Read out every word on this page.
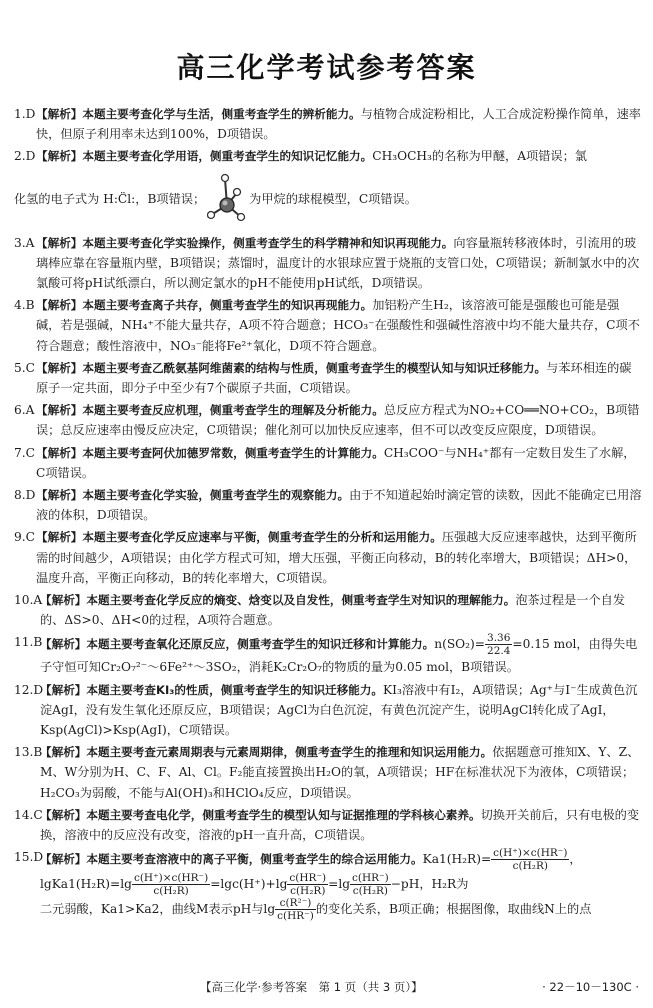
高三化学考试参考答案
1.D 【解析】本题主要考查化学与生活，侧重考查学生的辨析能力。与植物合成淀粉相比，人工合成淀粉操作简单，速率快，但原子利用率未达到100%，D项错误。
2.D 【解析】本题主要考查化学用语，侧重考查学生的知识记忆能力。CH₃OCH₃的名称为甲醚，A项错误；氯
化氢的电子式为 H:C̈l:，B项错误；	为甲烷的球棍模型，C项错误。
3.A 【解析】本题主要考查化学实验操作，侧重考查学生的科学精神和知识再现能力。向容量瓶转移液体时，引流用的玻璃棒应靠在容量瓶内壁，B项错误；蒸馏时，温度计的水银球应置于烧瓶的支管口处，C项错误；新制氯水中的次氯酸可将pH试纸漂白，所以测定氯水的pH不能使用pH试纸，D项错误。
4.B 【解析】本题主要考查离子共存，侧重考查学生的知识再现能力。加铝粉产生H₂，该溶液可能是强酸也可能是强碱，若是强碱，NH₄⁺不能大量共存，A项不符合题意；HCO₃⁻在强酸性和强碱性溶液中均不能大量共存，C项不符合题意；酸性溶液中，NO₃⁻能将Fe²⁺氧化，D项不符合题意。
5.C 【解析】本题主要考查乙酰氨基阿维菌素的结构与性质，侧重考查学生的模型认知与知识迁移能力。与苯环相连的碳原子一定共面，即分子中至少有7个碳原子共面，C项错误。
6.A 【解析】本题主要考查反应机理，侧重考查学生的理解及分析能力。总反应方程式为NO₂+CO══NO+CO₂，B项错误；总反应速率由慢反应决定，C项错误；催化剂可以加快反应速率，但不可以改变反应限度，D项错误。
7.C 【解析】本题主要考查阿伏加德罗常数，侧重考查学生的计算能力。CH₃COO⁻与NH₄⁺都有一定数目发生了水解，C项错误。
8.D 【解析】本题主要考查化学实验，侧重考查学生的观察能力。由于不知道起始时滴定管的读数，因此不能确定已用溶液的体积，D项错误。
9.C 【解析】本题主要考查化学反应速率与平衡，侧重考查学生的分析和运用能力。压强越大反应速率越快，达到平衡所需的时间越少，A项错误；由化学方程式可知，增大压强，平衡正向移动，B的转化率增大，B项错误；ΔH>0，温度升高，平衡正向移动，B的转化率增大，C项错误。
10.A
【解析】本题主要考查化学反应的熵变、焓变以及自发性，侧重考查学生对知识的理解能力。泡茶过程是一个自发的、ΔS>0、ΔH<0的过程，A项符合题意。
11.B
【解析】本题主要考查氧化还原反应，侧重考查学生的知识迁移和计算能力。$n(SO_2)= \frac{3.36}{22.4} =0.15$ mol，由得失电子守恒可知Cr₂O₇²⁻～6Fe²⁺～3SO₂，消耗K₂Cr₂O₇的物质的量为0.05 mol，B项错误。
12.D
【解析】本题主要考查KI₃的性质，侧重考查学生的知识迁移能力。KI₃溶液中有I₂，A项错误；Ag⁺与I⁻生成黄色沉淀AgI，没有发生氧化还原反应，B项错误；AgCl为白色沉淀，有黄色沉淀产生，说明AgCl转化成了AgI，Ksp(AgCl)>Ksp(AgI)，C项错误。
13.B
【解析】本题主要考查元素周期表与元素周期律，侧重考查学生的推理和知识运用能力。依据题意可推知X、Y、Z、M、W分别为H、C、F、Al、Cl。F₂能直接置换出H₂O的氧，A项错误；HF在标准状况下为液体，C项错误；H₂CO₃为弱酸，不能与Al(OH)₃和HClO₄反应，D项错误。
14.C
【解析】本题主要考查电化学，侧重考查学生的模型认知与证据推理的学科核心素养。切换开关前后，只有电极的变换，溶液中的反应没有改变，溶液的pH一直升高，C项错误。
15.D
【解析】本题主要考查溶液中的离子平衡，侧重考查学生的综合运用能力。$Ka1(H_2R)= \frac{c(H^+)\times c(HR^-)}{\text{c(H₂R)}}$ ，lgKa1(H₂R)=lg $\frac{c(H^+)\times c(HR^-)}{\text{c(H₂R)}} =\lg c(H^+)+\lg \frac{c(HR^-)}{\text{c(H₂R)}} =\lg \frac{c(HR^-)}{\text{c(H₂R)}} -pH$，H₂R为
二元弱酸，Ka1>Ka2，曲线M表示pH与$\lg \frac{\text{c(R²⁻)}}{c(HR^-)}$ 的变化关系，B项正确；根据图像，取曲线N上的点
【高三化学·参考答案　第 1 页（共 3 页）】	· 22－10－130C ·
